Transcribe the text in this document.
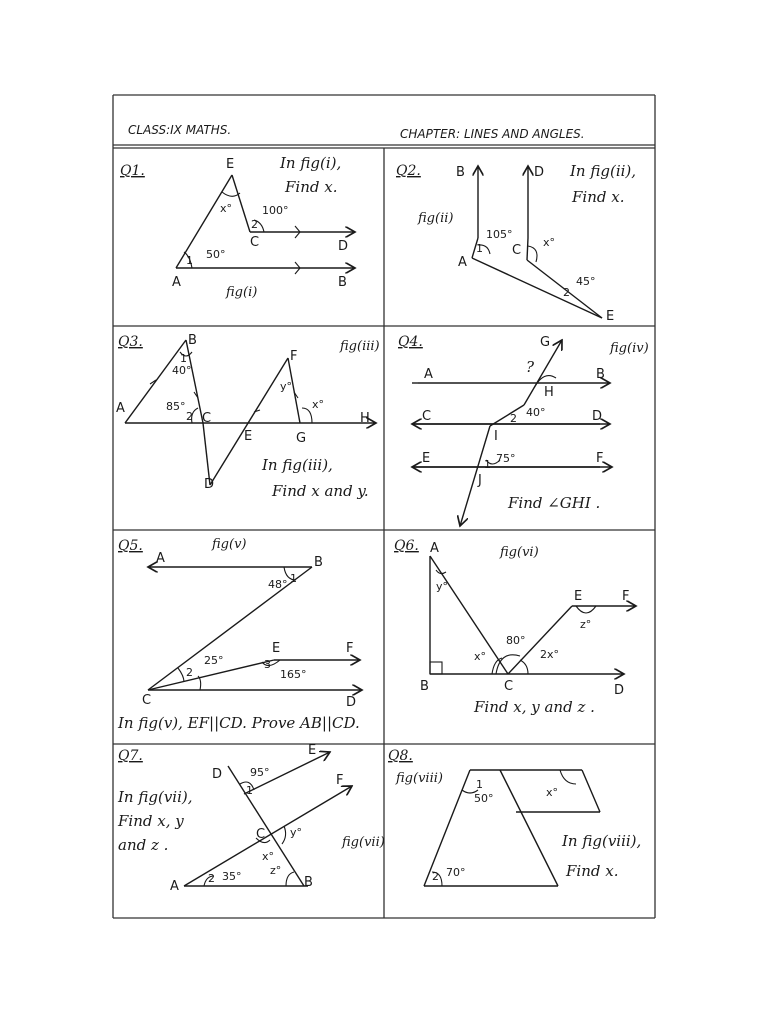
CLASS:IX MATHS.	CHAPTER: LINES AND ANGLES.
Q1.	In fig(i),
Find x.
E
C	D
A	B
x°	100°
50°
1
2
fig(i)
Q2.	In fig(ii),
Find x.
fig(ii)
B	D
A
C
E
105°
x°
45°
1
2
Q3.	fig(iii)
In fig(iii),
Find x and y.
B
A
C
E	G
H
D
F
40°
85°
y°
x°
1
2
Q4.	fig(iv)
Find ∠GHI .
G
A	B
H
C	D
I
E	F
J
?
40°
75°
1
2
Q5.	fig(v)
In fig(v), EF||CD. Prove AB||CD.
A	B
E	F
C	D
48°
25°
165°
1
2
3
Q6.	fig(vi)
Find x, y and z .
A
E	F
B	C	D
y°
z°
80°
x°	2x°
Q7.
In fig(vii),
Find x, y
and z .	fig(vii)
D
E
F
C
A	B
95°
y°
x°
35°	z°
1
2
Q8.
fig(viii)
In fig(viii),
Find x.
50°	x°
70°
1
2
